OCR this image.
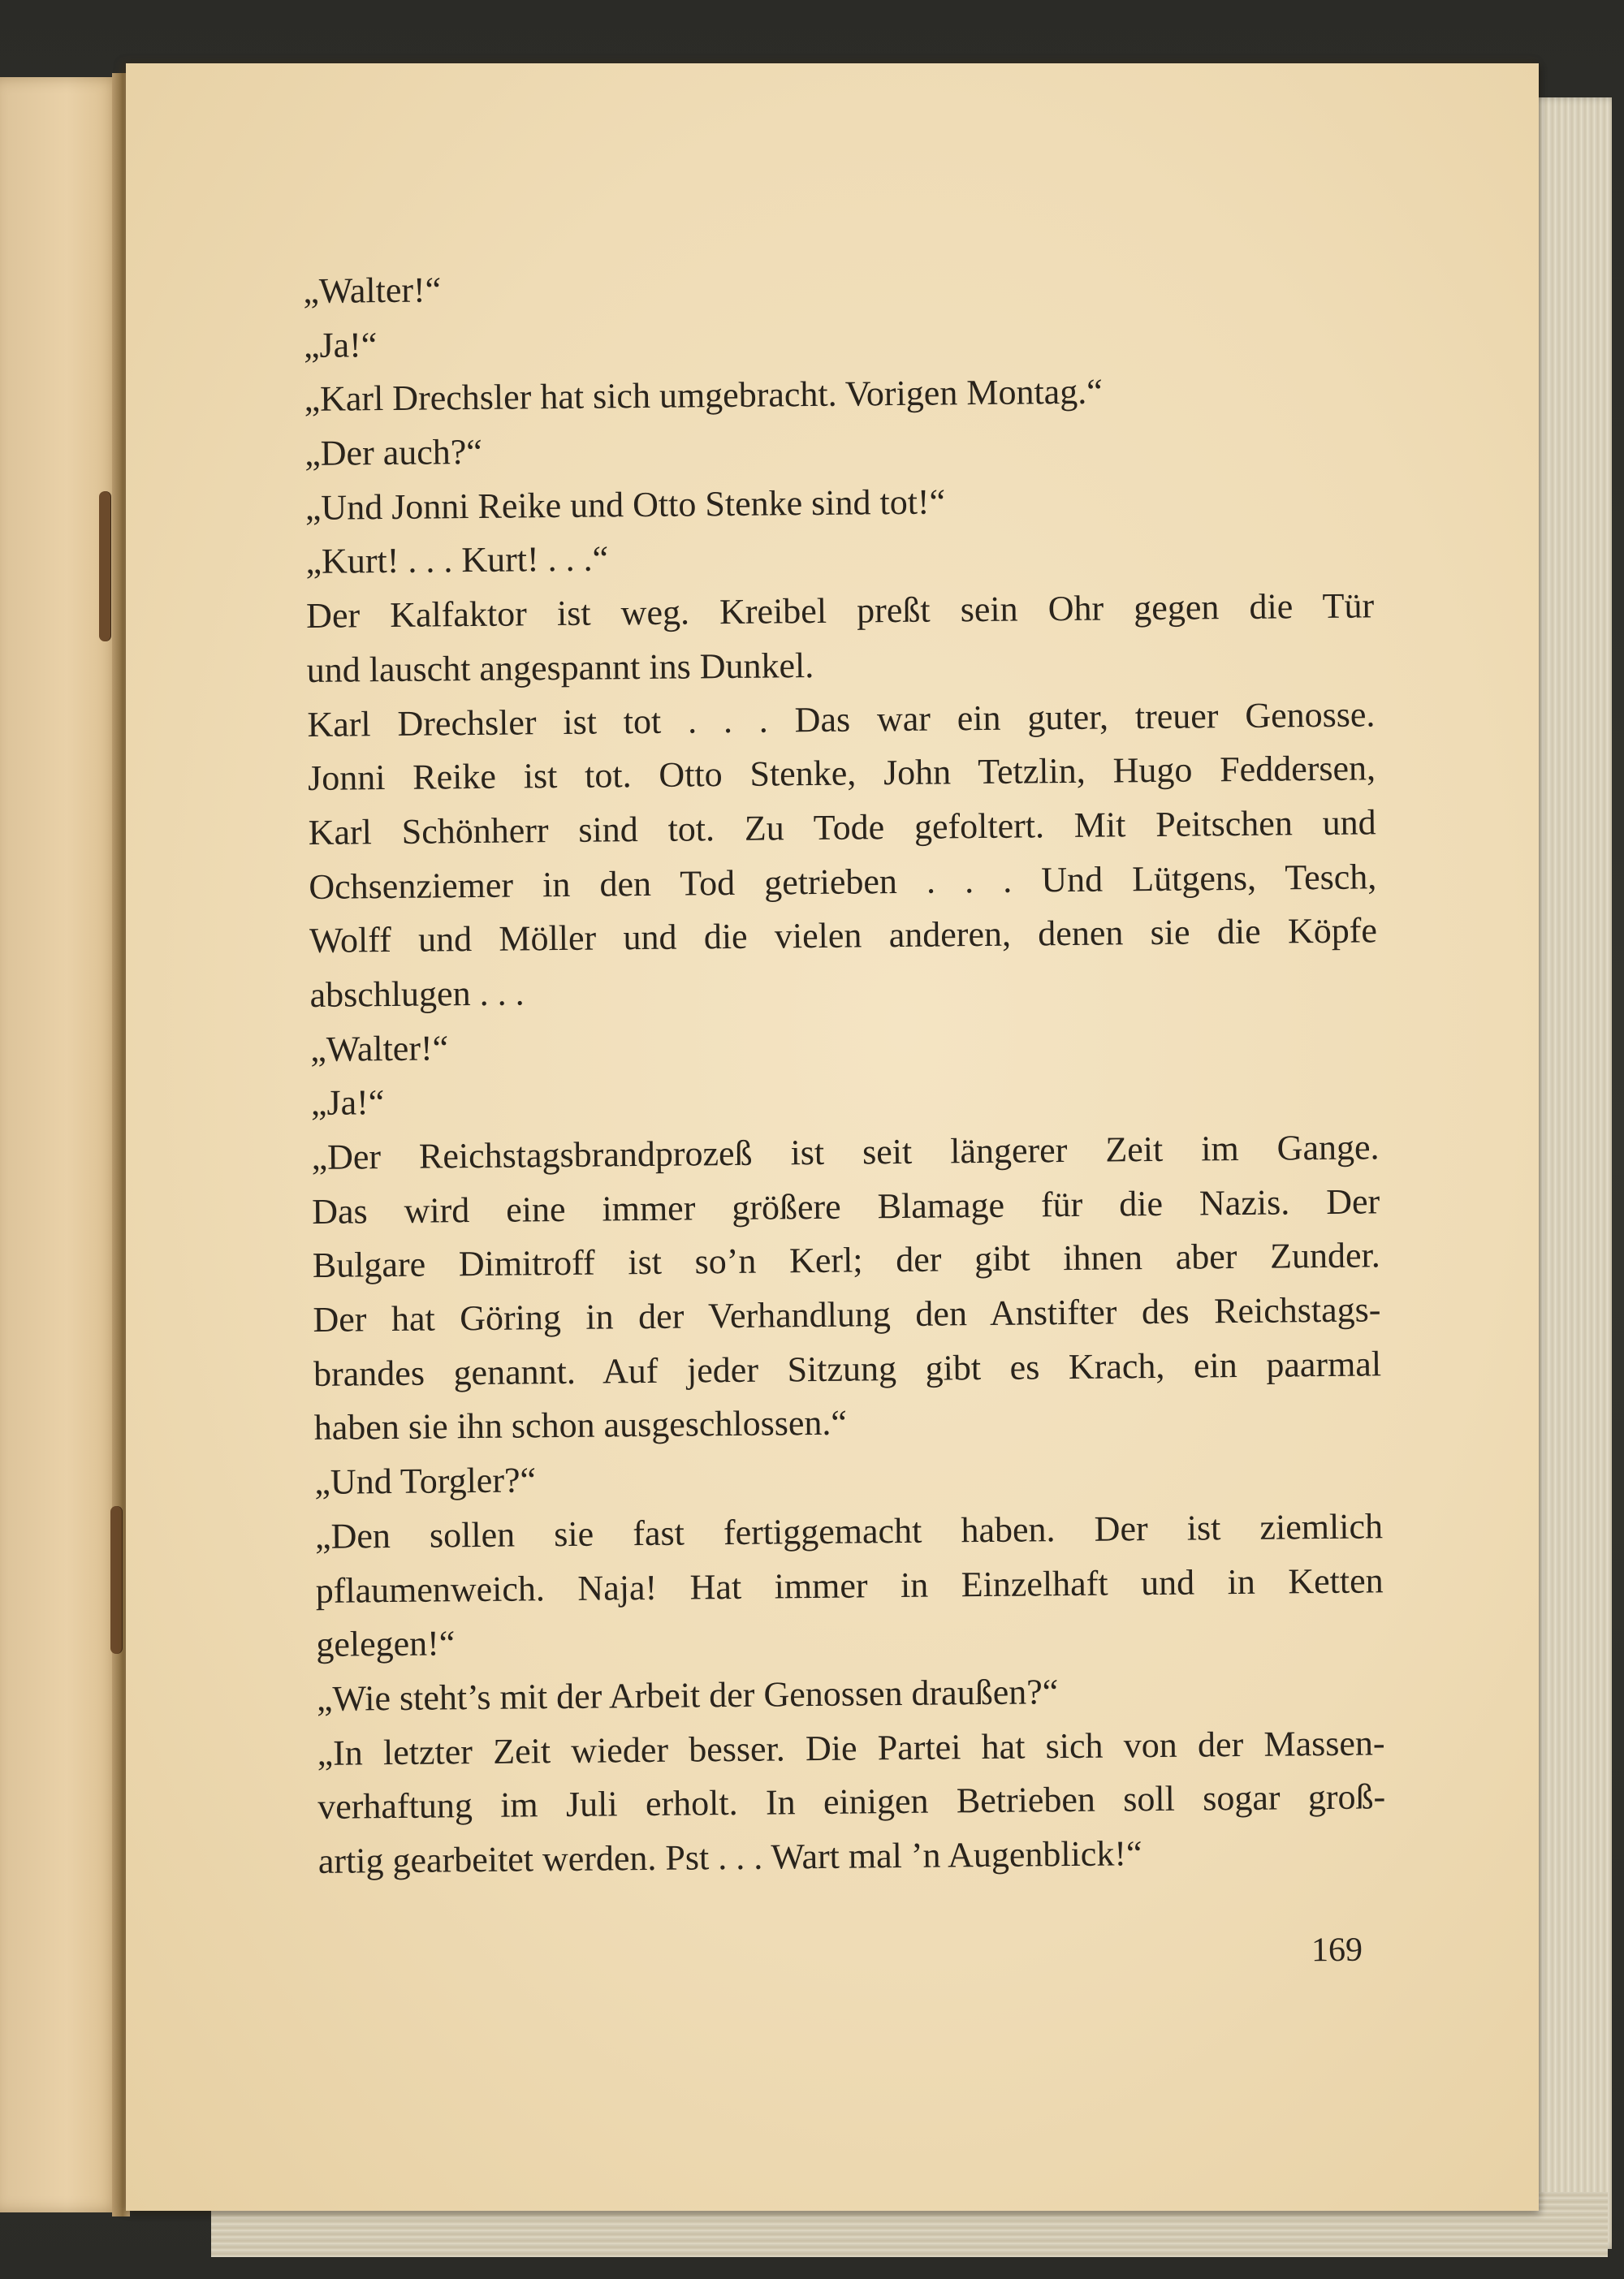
„Walter!“
„Ja!“
„Karl Drechsler hat sich umgebracht. Vorigen Montag.“
„Der auch?“
„Und Jonni Reike und Otto Stenke sind tot!“
„Kurt! . . . Kurt! . . .“
Der Kalfaktor ist weg. Kreibel preßt sein Ohr gegen die Tür
und lauscht angespannt ins Dunkel.
Karl Drechsler ist tot . . . Das war ein guter, treuer Genosse.
Jonni Reike ist tot. Otto Stenke, John Tetzlin, Hugo Feddersen,
Karl Schönherr sind tot. Zu Tode gefoltert. Mit Peitschen und
Ochsenziemer in den Tod getrieben . . . Und Lütgens, Tesch,
Wolff und Möller und die vielen anderen, denen sie die Köpfe
abschlugen . . .
„Walter!“
„Ja!“
„Der Reichstagsbrandprozeß ist seit längerer Zeit im Gange.
Das wird eine immer größere Blamage für die Nazis. Der
Bulgare Dimitroff ist so’n Kerl; der gibt ihnen aber Zunder.
Der hat Göring in der Verhandlung den Anstifter des Reichstags-
brandes genannt. Auf jeder Sitzung gibt es Krach, ein paarmal
haben sie ihn schon ausgeschlossen.“
„Und Torgler?“
„Den sollen sie fast fertiggemacht haben. Der ist ziemlich
pflaumenweich. Naja! Hat immer in Einzelhaft und in Ketten
gelegen!“
„Wie steht’s mit der Arbeit der Genossen draußen?“
„In letzter Zeit wieder besser. Die Partei hat sich von der Massen-
verhaftung im Juli erholt. In einigen Betrieben soll sogar groß-
artig gearbeitet werden. Pst . . . Wart mal ’n Augenblick!“
169
